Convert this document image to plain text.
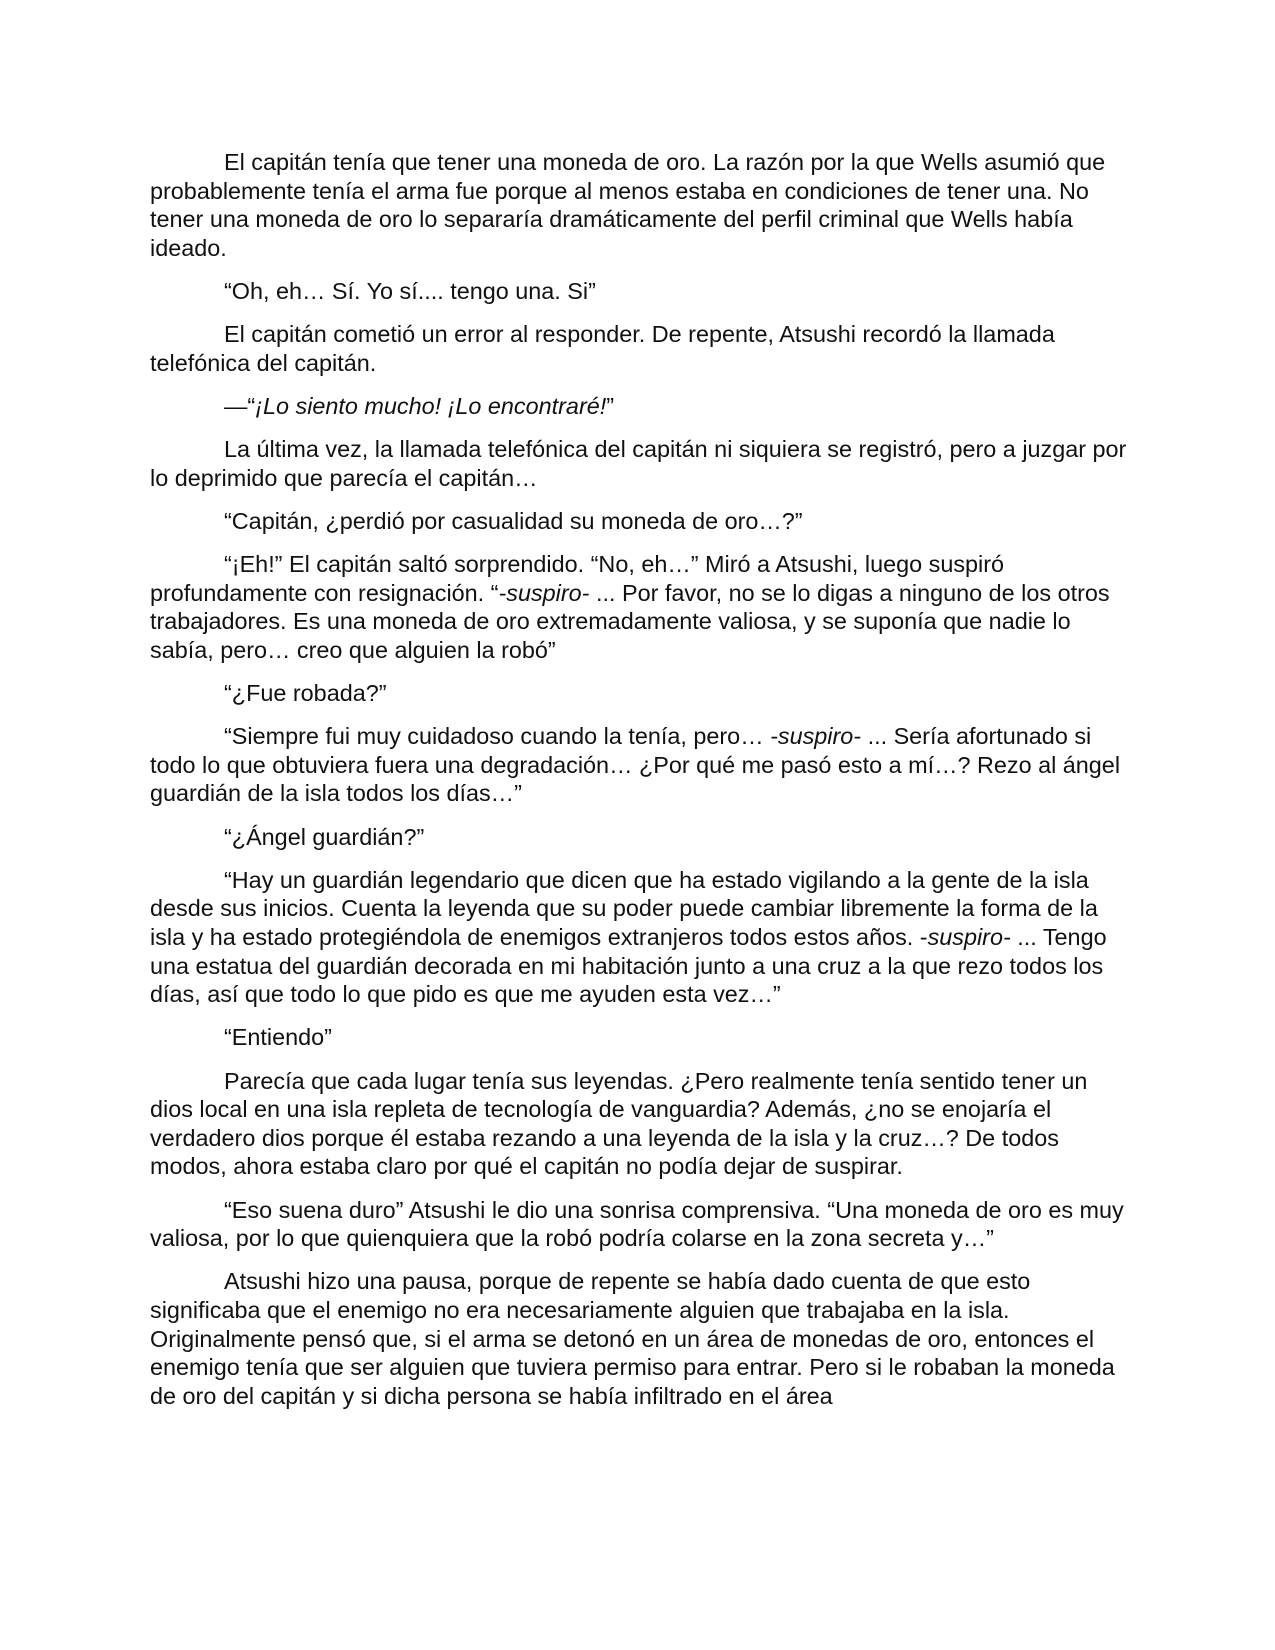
El capitán tenía que tener una moneda de oro. La razón por la que Wells asumió que probablemente tenía el arma fue porque al menos estaba en condiciones de tener una. No tener una moneda de oro lo separaría dramáticamente del perfil criminal que Wells había ideado.

“Oh, eh… Sí. Yo sí.... tengo una. Si”

El capitán cometió un error al responder. De repente, Atsushi recordó la llamada telefónica del capitán.

—“¡Lo siento mucho! ¡Lo encontraré!”

La última vez, la llamada telefónica del capitán ni siquiera se registró, pero a juzgar por lo deprimido que parecía el capitán…

“Capitán, ¿perdió por casualidad su moneda de oro…?”

“¡Eh!” El capitán saltó sorprendido. “No, eh…” Miró a Atsushi, luego suspiró profundamente con resignación. “-suspiro- ... Por favor, no se lo digas a ninguno de los otros trabajadores. Es una moneda de oro extremadamente valiosa, y se suponía que nadie lo sabía, pero… creo que alguien la robó”

“¿Fue robada?”

“Siempre fui muy cuidadoso cuando la tenía, pero… -suspiro- ... Sería afortunado si todo lo que obtuviera fuera una degradación… ¿Por qué me pasó esto a mí…? Rezo al ángel guardián de la isla todos los días…”

“¿Ángel guardián?”

“Hay un guardián legendario que dicen que ha estado vigilando a la gente de la isla desde sus inicios. Cuenta la leyenda que su poder puede cambiar libremente la forma de la isla y ha estado protegiéndola de enemigos extranjeros todos estos años. -suspiro- ... Tengo una estatua del guardián decorada en mi habitación junto a una cruz a la que rezo todos los días, así que todo lo que pido es que me ayuden esta vez…”

“Entiendo”

Parecía que cada lugar tenía sus leyendas. ¿Pero realmente tenía sentido tener un dios local en una isla repleta de tecnología de vanguardia? Además, ¿no se enojaría el verdadero dios porque él estaba rezando a una leyenda de la isla y la cruz…? De todos modos, ahora estaba claro por qué el capitán no podía dejar de suspirar.

“Eso suena duro” Atsushi le dio una sonrisa comprensiva. “Una moneda de oro es muy valiosa, por lo que quienquiera que la robó podría colarse en la zona secreta y…”

Atsushi hizo una pausa, porque de repente se había dado cuenta de que esto significaba que el enemigo no era necesariamente alguien que trabajaba en la isla. Originalmente pensó que, si el arma se detonó en un área de monedas de oro, entonces el enemigo tenía que ser alguien que tuviera permiso para entrar. Pero si le robaban la moneda de oro del capitán y si dicha persona se había infiltrado en el área
